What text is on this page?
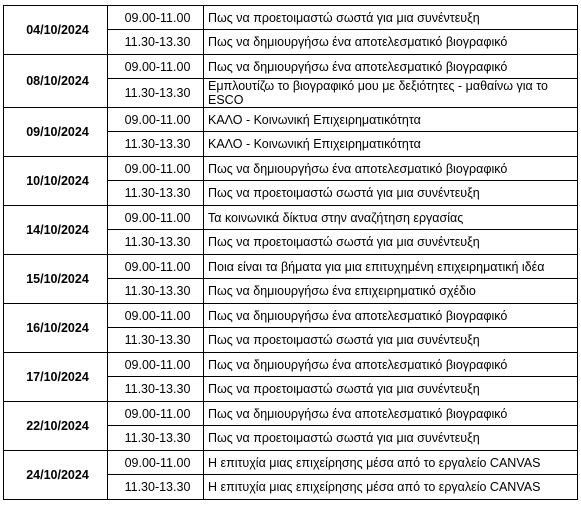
04/10/2024	09.00-11.00	Πως να προετοιμαστώ σωστά για μια συνέντευξη
	11.30-13.30	Πως να δημιουργήσω ένα αποτελεσματικό βιογραφικό
08/10/2024	09.00-11.00	Πως να δημιουργήσω ένα αποτελεσματικό βιογραφικό
	11.30-13.30	Εμπλουτίζω το βιογραφικό μου με δεξιότητες - μαθαίνω για το ESCO
09/10/2024	09.00-11.00	ΚΑΛΟ - Κοινωνική Επιχειρηματικότητα
	11.30-13.30	ΚΑΛΟ - Κοινωνική Επιχειρηματικότητα
10/10/2024	09.00-11.00	Πως να δημιουργήσω ένα αποτελεσματικό βιογραφικό
	11.30-13.30	Πως να προετοιμαστώ σωστά για μια συνέντευξη
14/10/2024	09.00-11.00	Τα κοινωνικά δίκτυα στην αναζήτηση εργασίας
	11.30-13.30	Πως να προετοιμαστώ σωστά για μια συνέντευξη
15/10/2024	09.00-11.00	Ποια είναι τα βήματα για μια επιτυχημένη επιχειρηματική ιδέα
	11.30-13.30	Πως να δημιουργήσω ένα επιχειρηματικό σχέδιο
16/10/2024	09.00-11.00	Πως να δημιουργήσω ένα αποτελεσματικό βιογραφικό
	11.30-13.30	Πως να προετοιμαστώ σωστά για μια συνέντευξη
17/10/2024	09.00-11.00	Πως να δημιουργήσω ένα αποτελεσματικό βιογραφικό
	11.30-13.30	Πως να προετοιμαστώ σωστά για μια συνέντευξη
22/10/2024	09.00-11.00	Πως να δημιουργήσω ένα αποτελεσματικό βιογραφικό
	11.30-13.30	Πως να προετοιμαστώ σωστά για μια συνέντευξη
24/10/2024	09.00-11.00	Η επιτυχία μιας επιχείρησης μέσα από το εργαλείο CANVAS
	11.30-13.30	Η επιτυχία μιας επιχείρησης μέσα από το εργαλείο CANVAS
